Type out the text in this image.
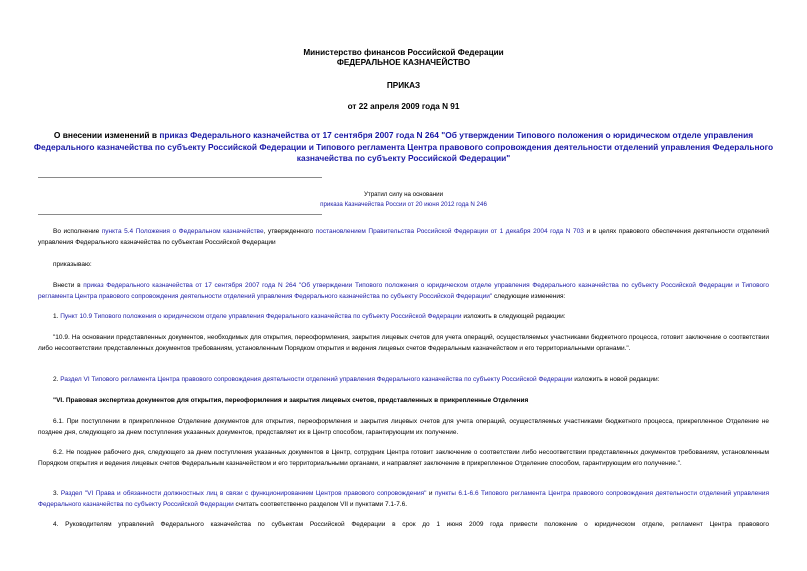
Министерство финансов Российской Федерации
ФЕДЕРАЛЬНОЕ КАЗНАЧЕЙСТВО
ПРИКАЗ
от 22 апреля 2009 года N 91
О внесении изменений в приказ Федерального казначейства от 17 сентября 2007 года N 264 "Об утверждении Типового положения о юридическом отделе управления Федерального казначейства по субъекту Российской Федерации и Типового регламента Центра правового сопровождения деятельности отделений управления Федерального казначейства по субъекту Российской Федерации"
Утратил силу на основании
приказа Казначейства России от 20 июня 2012 года N 246
Во исполнение пункта 5.4 Положения о Федеральном казначействе, утвержденного постановлением Правительства Российской Федерации от 1 декабря 2004 года N 703 и в целях правового обеспечения деятельности отделений управления Федерального казначейства по субъектам Российской Федерации
приказываю:
Внести в приказ Федерального казначейства от 17 сентября 2007 года N 264 "Об утверждении Типового положения о юридическом отделе управления Федерального казначейства по субъекту Российской Федерации и Типового регламента Центра правового сопровождения деятельности отделений управления Федерального казначейства по субъекту Российской Федерации" следующие изменения:
1. Пункт 10.9 Типового положения о юридическом отделе управления Федерального казначейства по субъекту Российской Федерации изложить в следующей редакции:
"10.9. На основании представленных документов, необходимых для открытия, переоформления, закрытия лицевых счетов для учета операций, осуществляемых участниками бюджетного процесса, готовит заключение о соответствии либо несоответствии представленных документов требованиям, установленным Порядком открытия и ведения лицевых счетов Федеральным казначейством и его территориальными органами.".
2. Раздел VI Типового регламента Центра правового сопровождения деятельности отделений управления Федерального казначейства по субъекту Российской Федерации изложить в новой редакции:
"VI. Правовая экспертиза документов для открытия, переоформления и закрытия лицевых счетов, представленных в прикрепленные Отделения
6.1. При поступлении в прикрепленное Отделение документов для открытия, переоформления и закрытия лицевых счетов для учета операций, осуществляемых участниками бюджетного процесса, прикрепленное Отделение не позднее дня, следующего за днем поступления указанных документов, представляет их в Центр способом, гарантирующим их получение.
6.2. Не позднее рабочего дня, следующего за днем поступления указанных документов в Центр, сотрудник Центра готовит заключение о соответствии либо несоответствии представленных документов требованиям, установленным Порядком открытия и ведения лицевых счетов Федеральным казначейством и его территориальными органами, и направляет заключение в прикрепленное Отделение способом, гарантирующим его получение.".
3. Раздел "VI Права и обязанности должностных лиц в связи с функционированием Центров правового сопровождения" и пункты 6.1-6.6 Типового регламента Центра правового сопровождения деятельности отделений управления Федерального казначейства по субъекту Российской Федерации считать соответственно разделом VII и пунктами 7.1-7.6.
4. Руководителям управлений Федерального казначейства по субъектам Российской Федерации в срок до 1 июня 2009 года привести положение о юридическом отделе, регламент Центра правового
